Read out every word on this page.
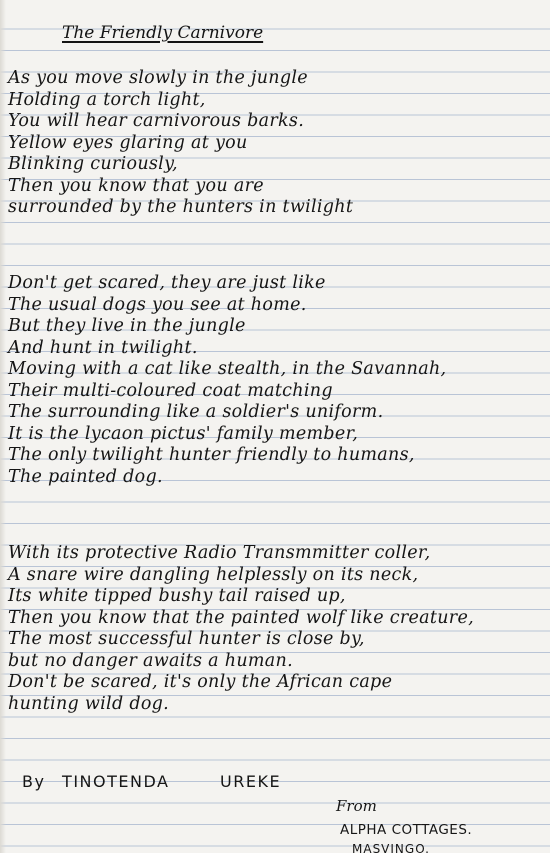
The Friendly Carnivore
As you move slowly in the jungle
Holding a torch light,
You will hear carnivorous barks.
Yellow eyes glaring at you
Blinking curiously,
Then you know that you are
surrounded by the hunters in twilight
Don't get scared, they are just like
The usual dogs you see at home.
But they live in the jungle
And hunt in twilight.
Moving with a cat like stealth, in the Savannah,
Their multi-coloured coat matching
The surrounding like a soldier's uniform.
It is the lycaon pictus' family member,
The only twilight hunter friendly to humans,
The painted dog.
With its protective Radio Transmmitter coller,
A snare wire dangling helplessly on its neck,
Its white tipped bushy tail raised up,
Then you know that the painted wolf like creature,
The most successful hunter is close by,
but no danger awaits a human.
Don't be scared, it's only the African cape
hunting wild dog.
By TINOTENDA	UREKE
From
ALPHA COTTAGES.
MASVINGO.
